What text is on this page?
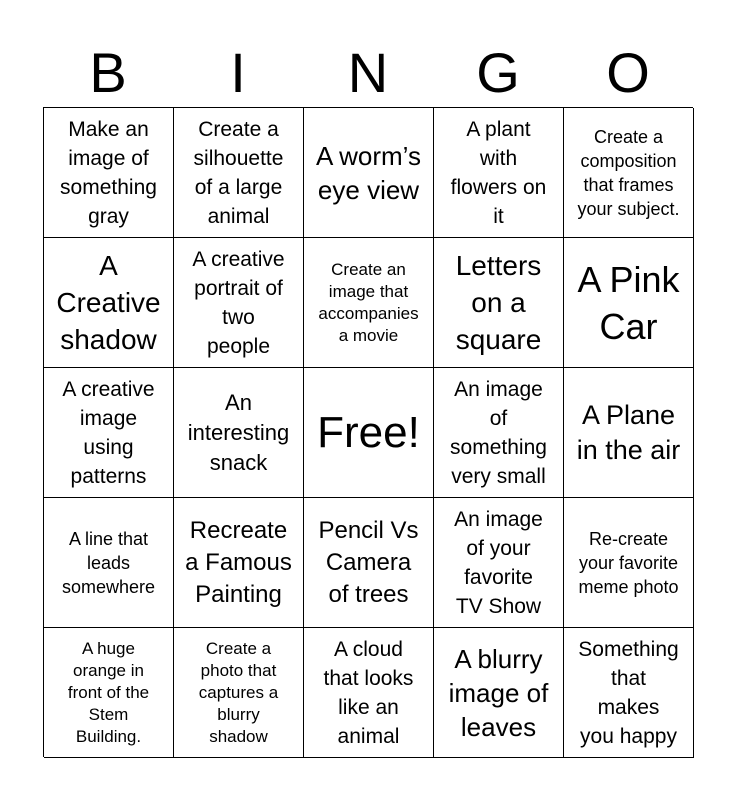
B	I	N	G	O
Make an
image of
something
gray
Create a
silhouette
of a large
animal
A worm’s
eye view
A plant
with
flowers on
it
Create a
composition
that frames
your subject.
A
Creative
shadow
A creative
portrait of
two
people
Create an
image that
accompanies
a movie
Letters
on a
square
A Pink
Car
A creative
image
using
patterns
An
interesting
snack
Free!
An image
of
something
very small
A Plane
in the air
A line that
leads
somewhere
Recreate
a Famous
Painting
Pencil Vs
Camera
of trees
An image
of your
favorite
TV Show
Re-create
your favorite
meme photo
A huge
orange in
front of the
Stem
Building.
Create a
photo that
captures a
blurry
shadow
A cloud
that looks
like an
animal
A blurry
image of
leaves
Something
that
makes
you happy
